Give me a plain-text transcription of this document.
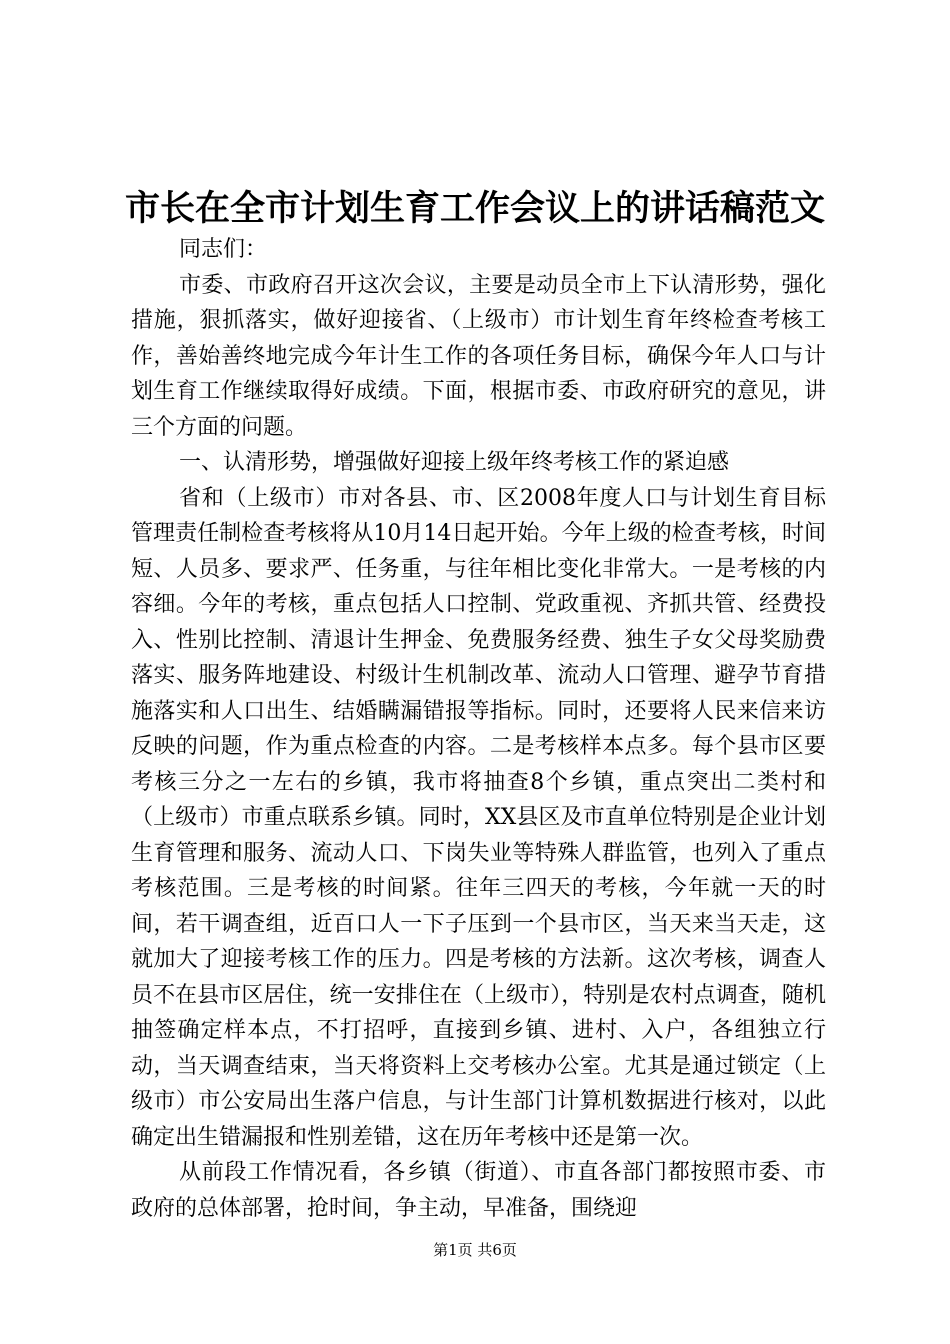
市长在全市计划生育工作会议上的讲话稿范文

同志们：

市委、市政府召开这次会议，主要是动员全市上下认清形势，强化措施，狠抓落实，做好迎接省、（上级市）市计划生育年终检查考核工作，善始善终地完成今年计生工作的各项任务目标，确保今年人口与计划生育工作继续取得好成绩。下面，根据市委、市政府研究的意见，讲三个方面的问题。

一、认清形势，增强做好迎接上级年终考核工作的紧迫感

省和（上级市）市对各县、市、区2008年度人口与计划生育目标管理责任制检查考核将从10月14日起开始。今年上级的检查考核，时间短、人员多、要求严、任务重，与往年相比变化非常大。一是考核的内容细。今年的考核，重点包括人口控制、党政重视、齐抓共管、经费投入、性别比控制、清退计生押金、免费服务经费、独生子女父母奖励费落实、服务阵地建设、村级计生机制改革、流动人口管理、避孕节育措施落实和人口出生、结婚瞒漏错报等指标。同时，还要将人民来信来访反映的问题，作为重点检查的内容。二是考核样本点多。每个县市区要考核三分之一左右的乡镇，我市将抽查8个乡镇，重点突出二类村和（上级市）市重点联系乡镇。同时，XX县区及市直单位特别是企业计划生育管理和服务、流动人口、下岗失业等特殊人群监管，也列入了重点考核范围。三是考核的时间紧。往年三四天的考核，今年就一天的时间，若干调查组，近百口人一下子压到一个县市区，当天来当天走，这就加大了迎接考核工作的压力。四是考核的方法新。这次考核，调查人员不在县市区居住，统一安排住在（上级市），特别是农村点调查，随机抽签确定样本点，不打招呼，直接到乡镇、进村、入户，各组独立行动，当天调查结束，当天将资料上交考核办公室。尤其是通过锁定（上级市）市公安局出生落户信息，与计生部门计算机数据进行核对，以此确定出生错漏报和性别差错，这在历年考核中还是第一次。

从前段工作情况看，各乡镇（街道）、市直各部门都按照市委、市政府的总体部署，抢时间，争主动，早准备，围绕迎

第1页 共6页
